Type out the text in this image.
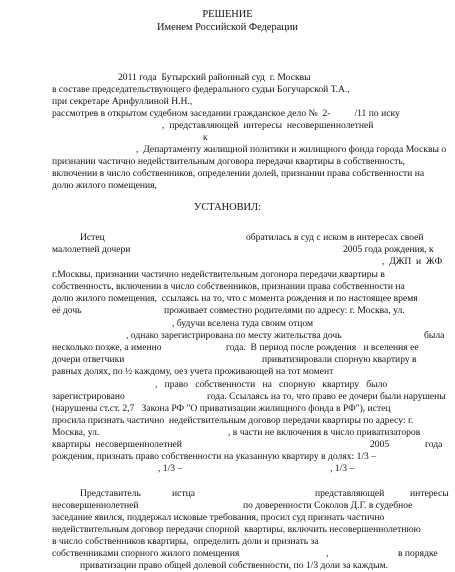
РЕШЕНИЕ
Именем Российской Федерации
2011 года  Бутырский районный суд  г. Москвы
в составе председательствующего федерального судьи Богучарской Т.А.,
при секретаре Арифуллиной Н.Н.,
рассмотрев в открытом судебном заседании гражданское дело №  2-          /11 по иску
,  представляющей  интересы  несовершеннолетней
к
,  Департаменту жилищной политики и жилищного фонда города Москвы о
признании частично недействительным договора передачи квартиры в собственность,
включении в число собственников, определении долей, признании права собственности на
долю жилого помещения,
УСТАНОВИЛ:
Истец	обратилась в суд с иском в интересах своей
малолетней дочери	2005 года рождения, к
,  ДЖП  и  ЖФ
г.Москвы, признании частично недействительным догонора передачи квартиры в
собственность, включении в число собственников, признании права собственности на
долю жилого помещения,  ссылаясь на то, что с момента рождения и по настоящее время
её дочь	проживает совместно родителями по адресу: г. Москва, ул.
, будучи вселена туда своим отцом
, однако зарегистрирована по месту жительства дочь	была
несколько позже, а именно	года.  В период после рождения   и вселения ее
дочери ответчики	приватизировали спорную квартиру в
равных долях, по ½ каждому, оез учета проживающей на тот момент
,   право   собственности   на   спорную   квартиру   было
зарегистрировано	года. Ссылаясь на то, что право ее дочери были нарушены
(нарушены ст.ст. 2,7   Закона РФ "О приватизации жилищного фонда в РФ"), истец
просила признать частично  недействительным договор передачи квартиры по адресу: г.
Москва, ул.	, в части не включения в число приватизаторов
квартиры  несовершеннолетней	2005	года
рождения, признать право собственности на указанную квартиру в долях: 1/3 –
, 1/3 –	, 1/3 –
Представитель	истца	представляющей	интересы
несовершеннолетней	по доверенности Соколов Д.Г. в судебное
заседание явился, поддержал исковые требования, просил суд признать частично
недействительным договор передачи спорной  квартиры, включить несовершеннолетнюю
в число собственников квартиры,  определить доли и признать за
собственниками спорного жилого помещения	,	в порядке
приватизации право общей долевой собственности, по 1/3 доли за каждым.
